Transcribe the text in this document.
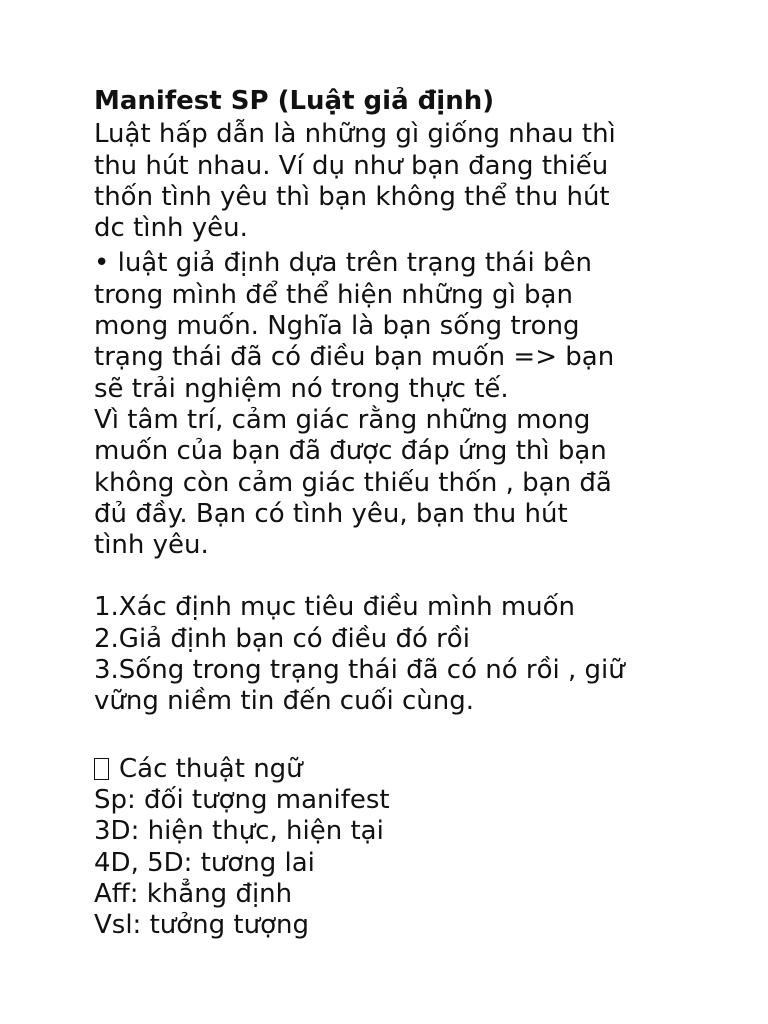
Manifest SP (Luật giả định)
Luật hấp dẫn là những gì giống nhau thì
thu hút nhau. Ví dụ như bạn đang thiếu
thốn tình yêu thì bạn không thể thu hút
dc tình yêu.
• luật giả định dựa trên trạng thái bên
trong mình để thể hiện những gì bạn
mong muốn. Nghĩa là bạn sống trong
trạng thái đã có điều bạn muốn => bạn
sẽ trải nghiệm nó trong thực tế.
Vì tâm trí, cảm giác rằng những mong
muốn của bạn đã được đáp ứng thì bạn
không còn cảm giác thiếu thốn , bạn đã
đủ đầy. Bạn có tình yêu, bạn thu hút
tình yêu.
1.Xác định mục tiêu điều mình muốn
2.Giả định bạn có điều đó rồi
3.Sống trong trạng thái đã có nó rồi , giữ
vững niềm tin đến cuối cùng.
Các thuật ngữ
Sp: đối tượng manifest
3D: hiện thực, hiện tại
4D, 5D: tương lai
Aff: khẳng định
Vsl: tưởng tượng
